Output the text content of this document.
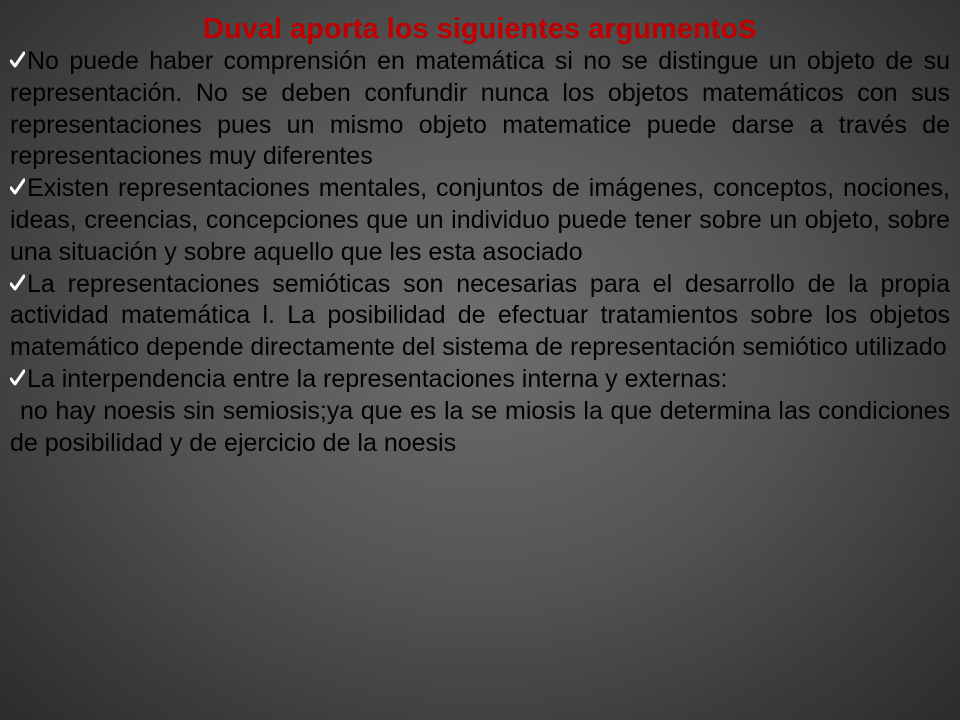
Duval aporta los siguientes argumentos
No puede haber comprensión en matemática si no se distingue un objeto de su representación. No se deben confundir nunca los objetos matemáticos con sus representaciones pues un mismo objeto matematice puede darse a través de representaciones muy diferentes
Existen representaciones mentales, conjuntos de imágenes, conceptos, nociones, ideas, creencias, concepciones que un individuo puede tener sobre un objeto, sobre una situación y sobre aquello que les esta asociado
La representaciones semióticas son necesarias para el desarrollo de la propia actividad matemática l. La posibilidad de efectuar tratamientos sobre los objetos matemático depende directamente del sistema de representación semiótico utilizado
La interpendencia entre la representaciones interna y externas:
no hay noesis sin semiosis;ya que es la se miosis la que determina las condiciones de posibilidad y de ejercicio de la noesis
